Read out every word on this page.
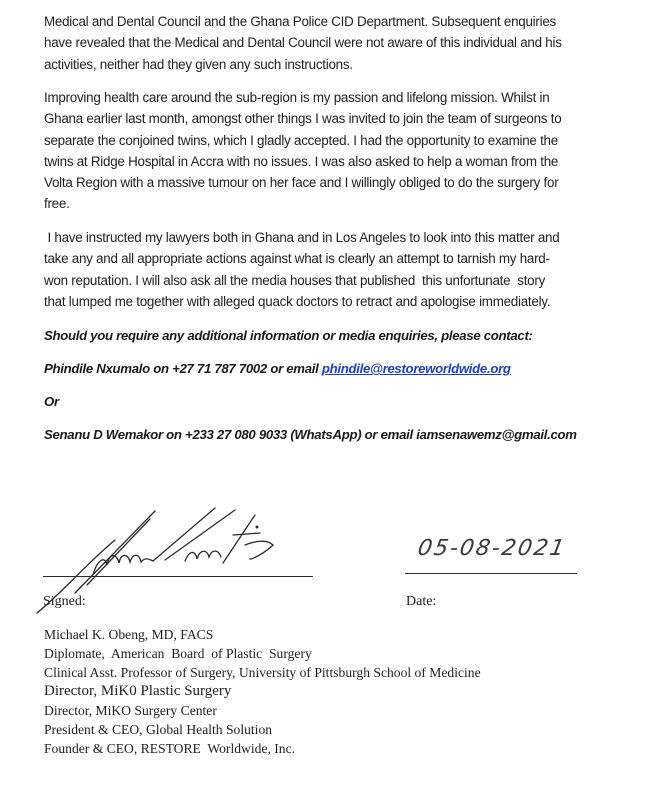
Medical and Dental Council and the Ghana Police CID Department. Subsequent enquiries

have revealed that the Medical and Dental Council were not aware of this individual and his

activities, neither had they given any such instructions.

Improving health care around the sub-region is my passion and lifelong mission. Whilst in

Ghana earlier last month, amongst other things I was invited to join the team of surgeons to

separate the conjoined twins, which I gladly accepted. I had the opportunity to examine the

twins at Ridge Hospital in Accra with no issues. I was also asked to help a woman from the

Volta Region with a massive tumour on her face and I willingly obliged to do the surgery for

free.

I have instructed my lawyers both in Ghana and in Los Angeles to look into this matter and

take any and all appropriate actions against what is clearly an attempt to tarnish my hard-

won reputation. I will also ask all the media houses that published  this unfortunate  story

that lumped me together with alleged quack doctors to retract and apologise immediately.

Should you require any additional information or media enquiries, please contact:
Phindile Nxumalo on +27 71 787 7002 or email phindile@restoreworldwide.org
Or
Senanu D Wemakor on +233 27 080 9033 (WhatsApp) or email iamsenawemz@gmail.com
05-08-2021
Signed:	Date:
Michael K. Obeng, MD, FACS
Diplomate,  American  Board  of Plastic  Surgery
Clinical Asst. Professor of Surgery, University of Pittsburgh School of Medicine
Director, MiK0 Plastic Surgery
Director, MiKO Surgery Center
President & CEO, Global Health Solution
Founder & CEO, RESTORE  Worldwide, Inc.
